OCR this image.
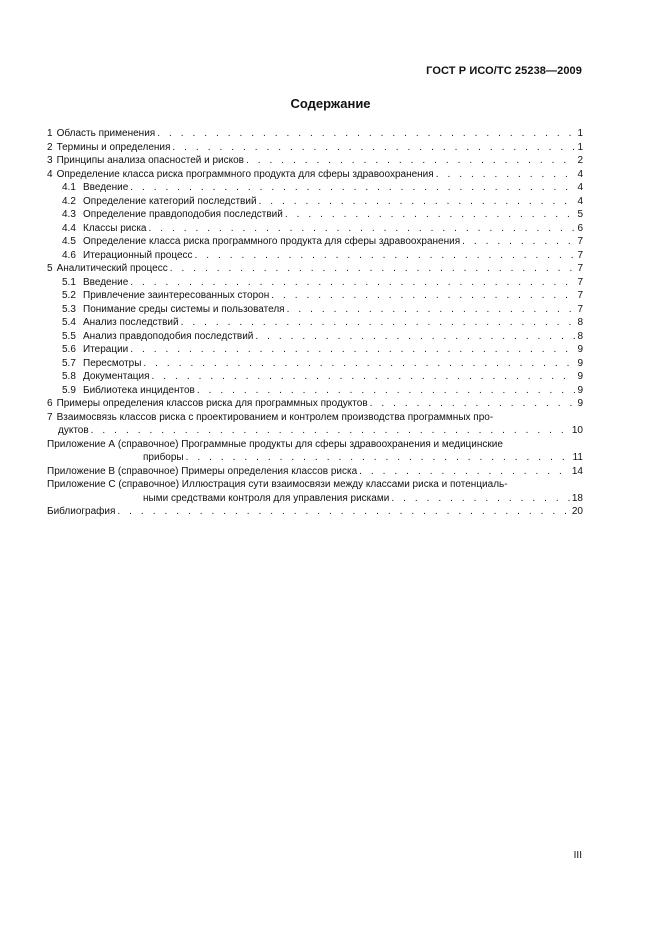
ГОСТ Р ИСО/ТС 25238—2009
Содержание
1 Область применения . . .	1
2 Термины и определения . . .	1
3 Принципы анализа опасностей и рисков . . .	2
4 Определение класса риска программного продукта для сферы здравоохранения . . .	4
4.1 Введение . . .	4
4.2 Определение категорий последствий . . .	4
4.3 Определение правдоподобия последствий . . .	5
4.4 Классы риска . . .	6
4.5 Определение класса риска программного продукта для сферы здравоохранения . . .	7
4.6 Итерационный процесс . . .	7
5 Аналитический процесс . . .	7
5.1 Введение . . .	7
5.2 Привлечение заинтересованных сторон . . .	7
5.3 Понимание среды системы и пользователя . . .	7
5.4 Анализ последствий . . .	8
5.5 Анализ правдоподобия последствий . . .	8
5.6 Итерации . . .	9
5.7 Пересмотры . . .	9
5.8 Документация . . .	9
5.9 Библиотека инцидентов . . .	9
6 Примеры определения классов риска для программных продуктов . . .	9
7 Взаимосвязь классов риска с проектированием и контролем производства программных про-
дуктов . . .	10
Приложение А (справочное) Программные продукты для сферы здравоохранения и медицинские
приборы . . .	11
Приложение В (справочное) Примеры определения классов риска . . .	14
Приложение С (справочное) Иллюстрация сути взаимосвязи между классами риска и потенциаль-
ными средствами контроля для управления рисками . . .	18
Библиография . . .	20
III
